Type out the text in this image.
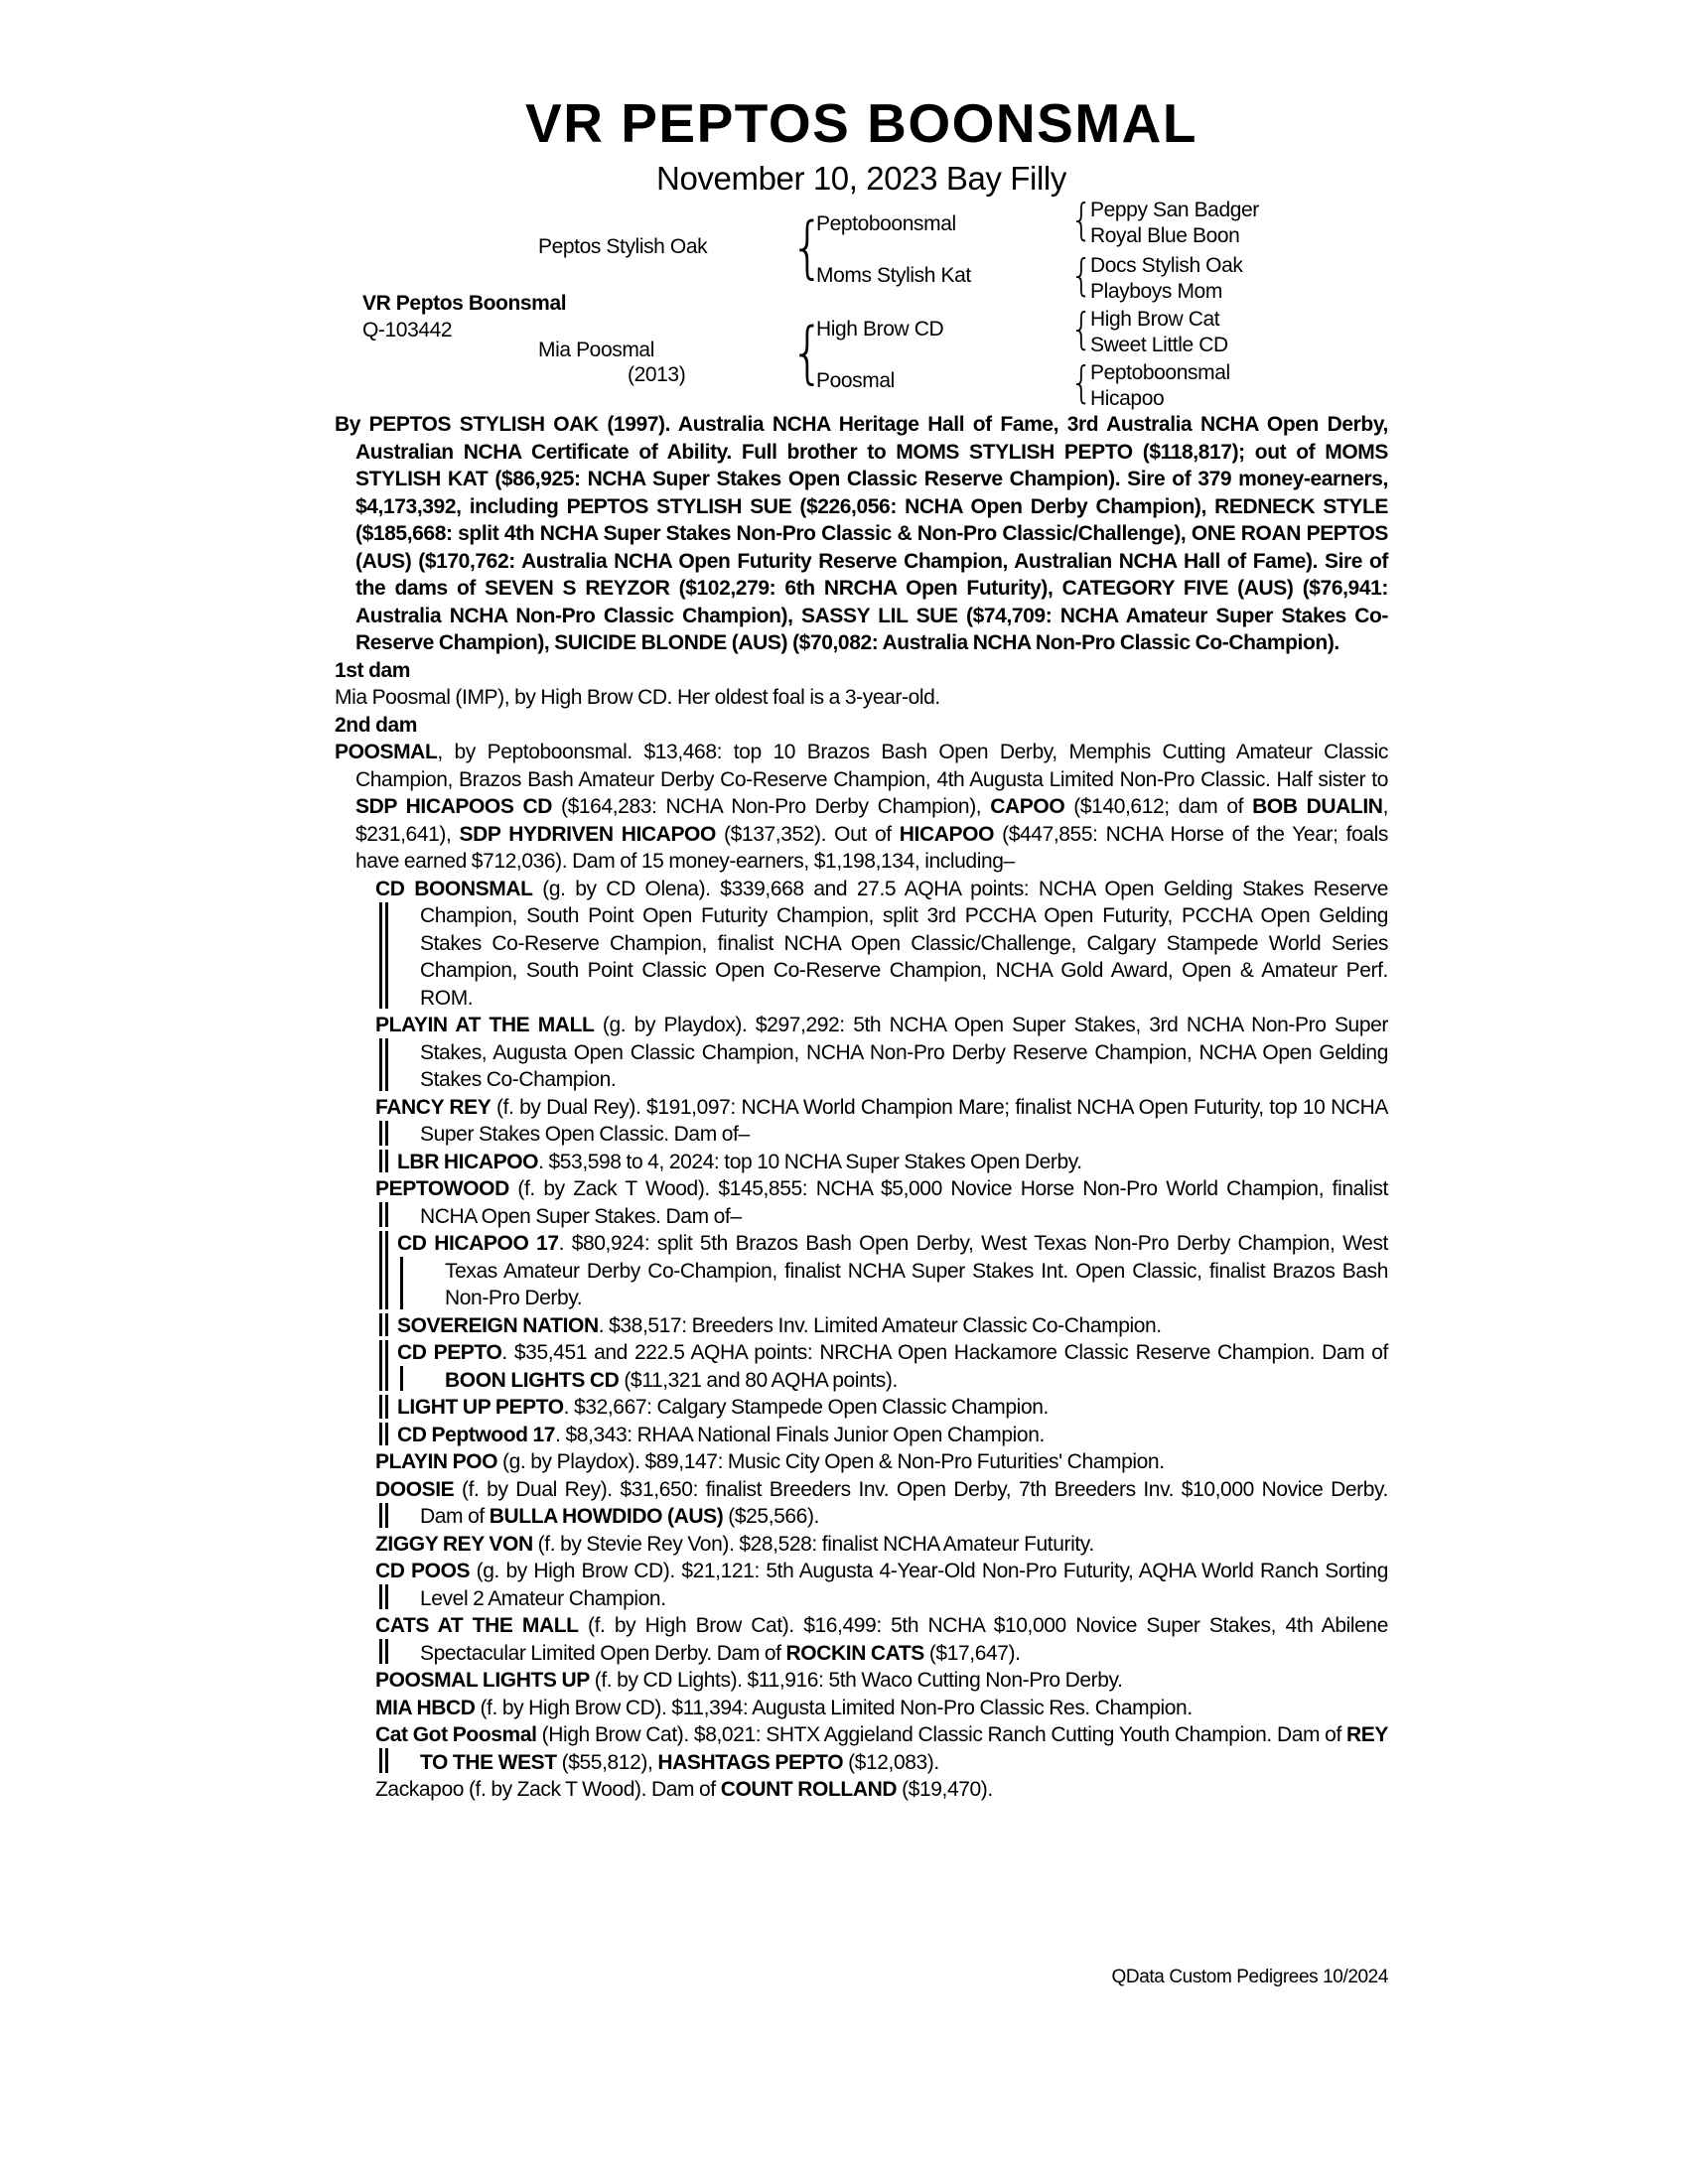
VR PEPTOS BOONSMAL
November 10, 2023 Bay Filly
VR Peptos Boonsmal
Q-103442
Peptos Stylish Oak
Mia Poosmal
(2013)
Peptoboonsmal
Moms Stylish Kat
High Brow CD
Poosmal
Peppy San Badger
Royal Blue Boon
Docs Stylish Oak
Playboys Mom
High Brow Cat
Sweet Little CD
Peptoboonsmal
Hicapoo
{
{
{
{
{
{
By PEPTOS STYLISH OAK (1997). Australia NCHA Heritage Hall of Fame, 3rd Australia NCHA Open Derby, Australian NCHA Certificate of Ability. Full brother to MOMS STYLISH PEPTO ($118,817); out of MOMS STYLISH KAT ($86,925: NCHA Super Stakes Open Classic Reserve Champion). Sire of 379 money-earners, $4,173,392, including PEPTOS STYLISH SUE ($226,056: NCHA Open Derby Champion), REDNECK STYLE ($185,668: split 4th NCHA Super Stakes Non-Pro Classic & Non-Pro Classic/Challenge), ONE ROAN PEPTOS (AUS) ($170,762: Australia NCHA Open Futurity Reserve Champion, Australian NCHA Hall of Fame). Sire of the dams of SEVEN S REYZOR ($102,279: 6th NRCHA Open Futurity), CATEGORY FIVE (AUS) ($76,941: Australia NCHA Non-Pro Classic Champion), SASSY LIL SUE ($74,709: NCHA Amateur Super Stakes Co-Reserve Champion), SUICIDE BLONDE (AUS) ($70,082: Australia NCHA Non-Pro Classic Co-Champion).
1st dam
Mia Poosmal (IMP), by High Brow CD. Her oldest foal is a 3-year-old.
2nd dam
POOSMAL, by Peptoboonsmal. $13,468: top 10 Brazos Bash Open Derby, Memphis Cutting Amateur Classic Champion, Brazos Bash Amateur Derby Co-Reserve Champion, 4th Augusta Limited Non-Pro Classic. Half sister to SDP HICAPOOS CD ($164,283: NCHA Non-Pro Derby Champion), CAPOO ($140,612; dam of BOB DUALIN, $231,641), SDP HYDRIVEN HICAPOO ($137,352). Out of HICAPOO ($447,855: NCHA Horse of the Year; foals have earned $712,036). Dam of 15 money-earners, $1,198,134, including–
CD BOONSMAL (g. by CD Olena). $339,668 and 27.5 AQHA points: NCHA Open Gelding Stakes Reserve Champion, South Point Open Futurity Champion, split 3rd PCCHA Open Futurity, PCCHA Open Gelding Stakes Co-Reserve Champion, finalist NCHA Open Classic/Challenge, Calgary Stampede World Series Champion, South Point Classic Open Co-Reserve Champion, NCHA Gold Award, Open & Amateur Perf. ROM.
PLAYIN AT THE MALL (g. by Playdox). $297,292: 5th NCHA Open Super Stakes, 3rd NCHA Non-Pro Super Stakes, Augusta Open Classic Champion, NCHA Non-Pro Derby Reserve Champion, NCHA Open Gelding Stakes Co-Champion.
FANCY REY (f. by Dual Rey). $191,097: NCHA World Champion Mare; finalist NCHA Open Futurity, top 10 NCHA Super Stakes Open Classic. Dam of–
LBR HICAPOO. $53,598 to 4, 2024: top 10 NCHA Super Stakes Open Derby.
PEPTOWOOD (f. by Zack T Wood). $145,855: NCHA $5,000 Novice Horse Non-Pro World Champion, finalist NCHA Open Super Stakes. Dam of–
CD HICAPOO 17. $80,924: split 5th Brazos Bash Open Derby, West Texas Non-Pro Derby Champion, West Texas Amateur Derby Co-Champion, finalist NCHA Super Stakes Int. Open Classic, finalist Brazos Bash Non-Pro Derby.
SOVEREIGN NATION. $38,517: Breeders Inv. Limited Amateur Classic Co-Champion.
CD PEPTO. $35,451 and 222.5 AQHA points: NRCHA Open Hackamore Classic Reserve Champion. Dam of BOON LIGHTS CD ($11,321 and 80 AQHA points).
LIGHT UP PEPTO. $32,667: Calgary Stampede Open Classic Champion.
CD Peptwood 17. $8,343: RHAA National Finals Junior Open Champion.
PLAYIN POO (g. by Playdox). $89,147: Music City Open & Non-Pro Futurities' Champion.
DOOSIE (f. by Dual Rey). $31,650: finalist Breeders Inv. Open Derby, 7th Breeders Inv. $10,000 Novice Derby. Dam of BULLA HOWDIDO (AUS) ($25,566).
ZIGGY REY VON (f. by Stevie Rey Von). $28,528: finalist NCHA Amateur Futurity.
CD POOS (g. by High Brow CD). $21,121: 5th Augusta 4-Year-Old Non-Pro Futurity, AQHA World Ranch Sorting Level 2 Amateur Champion.
CATS AT THE MALL (f. by High Brow Cat). $16,499: 5th NCHA $10,000 Novice Super Stakes, 4th Abilene Spectacular Limited Open Derby. Dam of ROCKIN CATS ($17,647).
POOSMAL LIGHTS UP (f. by CD Lights). $11,916: 5th Waco Cutting Non-Pro Derby.
MIA HBCD (f. by High Brow CD). $11,394: Augusta Limited Non-Pro Classic Res. Champion.
Cat Got Poosmal (High Brow Cat). $8,021: SHTX Aggieland Classic Ranch Cutting Youth Champion. Dam of REY TO THE WEST ($55,812), HASHTAGS PEPTO ($12,083).
Zackapoo (f. by Zack T Wood). Dam of COUNT ROLLAND ($19,470).
QData Custom Pedigrees 10/2024
